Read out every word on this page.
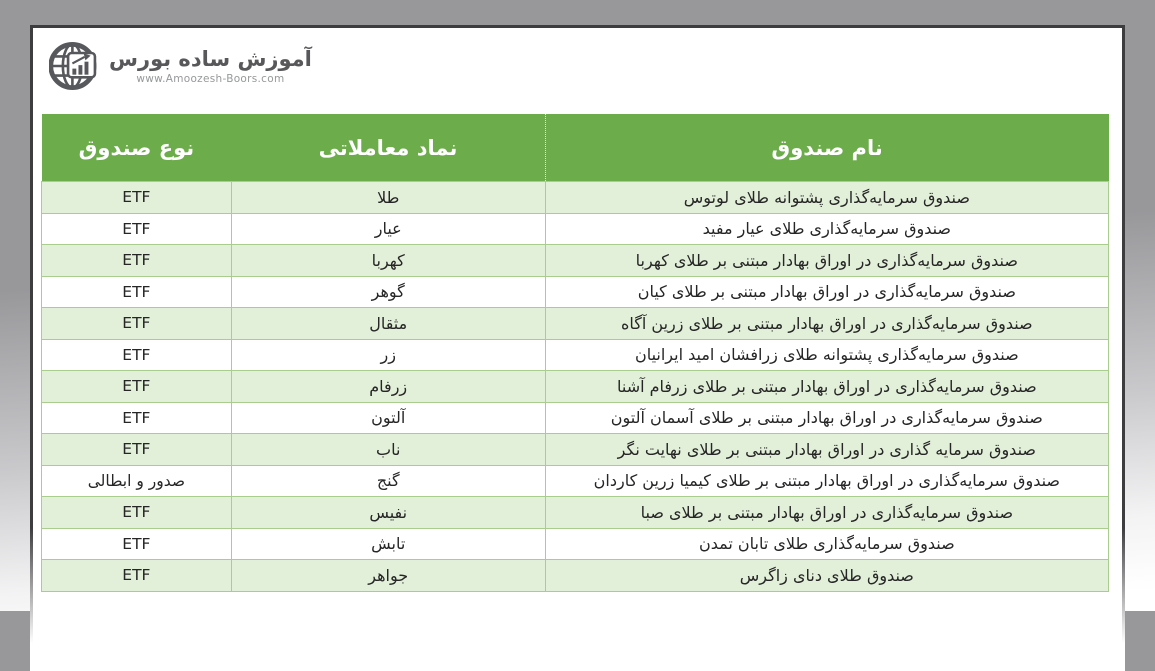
آموزش ساده بورس
www.Amoozesh-Boors.com
نام صندوق	نماد معاملاتی	نوع صندوق
صندوق سرمایه‌گذاری پشتوانه طلای لوتوس	طلا	ETF
صندوق سرمایه‌گذاری طلای عیار مفید	عیار	ETF
صندوق سرمایه‌گذاری در اوراق بهادار مبتنی بر طلای کهربا	کهربا	ETF
صندوق سرمایه‌گذاری در اوراق بهادار مبتنی بر طلای کیان	گوهر	ETF
صندوق سرمایه‌گذاری در اوراق بهادار مبتنی بر طلای زرین آگاه	مثقال	ETF
صندوق سرمایه‌گذاری پشتوانه طلای زرافشان امید ایرانیان	زر	ETF
صندوق سرمایه‌گذاری در اوراق بهادار مبتنی بر طلای زرفام آشنا	زرفام	ETF
صندوق سرمایه‌گذاری در اوراق بهادار مبتنی بر طلای آسمان آلتون	آلتون	ETF
صندوق سرمایه گذاری در اوراق بهادار مبتنی بر طلای نهایت نگر	ناب	ETF
صندوق سرمایه‌گذاری در اوراق بهادار مبتنی بر طلای کیمیا زرین کاردان	گنج	صدور و ابطالی
صندوق سرمایه‌گذاری در اوراق بهادار مبتنی بر طلای صبا	نفیس	ETF
صندوق سرمایه‌گذاری طلای تابان تمدن	تابش	ETF
صندوق طلای دنای زاگرس	جواهر	ETF
